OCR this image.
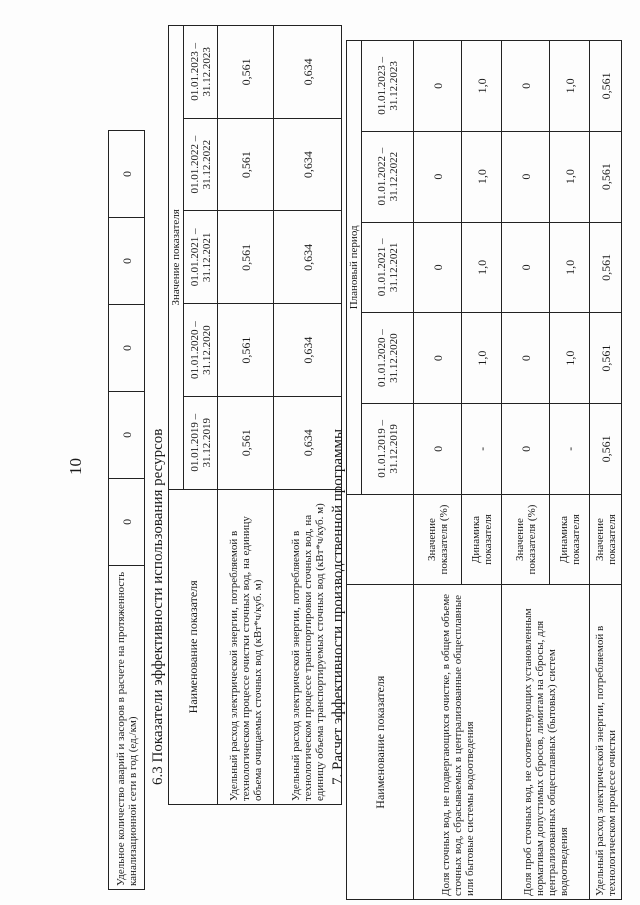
10
Удельное количество аварий и засоров в расчете на протяженность канализационной сети в год (ед./км)	0	0	0	0	0
6.3 Показатели эффективности использования ресурсов Наименование показателя	Значение показателя				
	01.01.2019 – 31.12.2019	01.01.2020 – 31.12.2020	01.01.2021 – 31.12.2021	01.01.2022 – 31.12.2022	01.01.2023 – 31.12.2023
Удельный расход электрической энергии, потребляемой в технологическом процессе очистки сточных вод, на единицу объема очищаемых сточных вод (кВт*ч/куб. м)	0,561	0,561	0,561	0,561	0,561
Удельный расход электрической энергии, потребляемой в технологическом процессе транспортировки сточных вод, на единицу объема транспортируемых сточных вод (кВт*ч/куб. м)	0,634	0,634	0,634	0,634	0,634
7. Расчет эффективности производственной программы Наименование показателя		Плановый период				
		01.01.2019 – 31.12.2019	01.01.2020 – 31.12.2020	01.01.2021 – 31.12.2021	01.01.2022 – 31.12.2022	01.01.2023 – 31.12.2023
Доля сточных вод, не подвергающихся очистке, в общем объеме сточных вод, сбрасываемых в централизованные общесплавные или бытовые системы водоотведения	Значение показателя (%)	0	0	0	0	0
	Динамика показателя	-	1,0	1,0	1,0	1,0
Доля проб сточных вод, не соответствующих установленным нормативам допустимых сбросов, лимитам на сбросы, для централизованных общесплавных (бытовых) систем водоотведения	Значение показателя (%)	0	0	0	0	0
	Динамика показателя	-	1,0	1,0	1,0	1,0
Удельный расход электрической энергии, потребляемой в технологическом процессе очистки	Значение показателя	0,561	0,561	0,561	0,561	0,561
